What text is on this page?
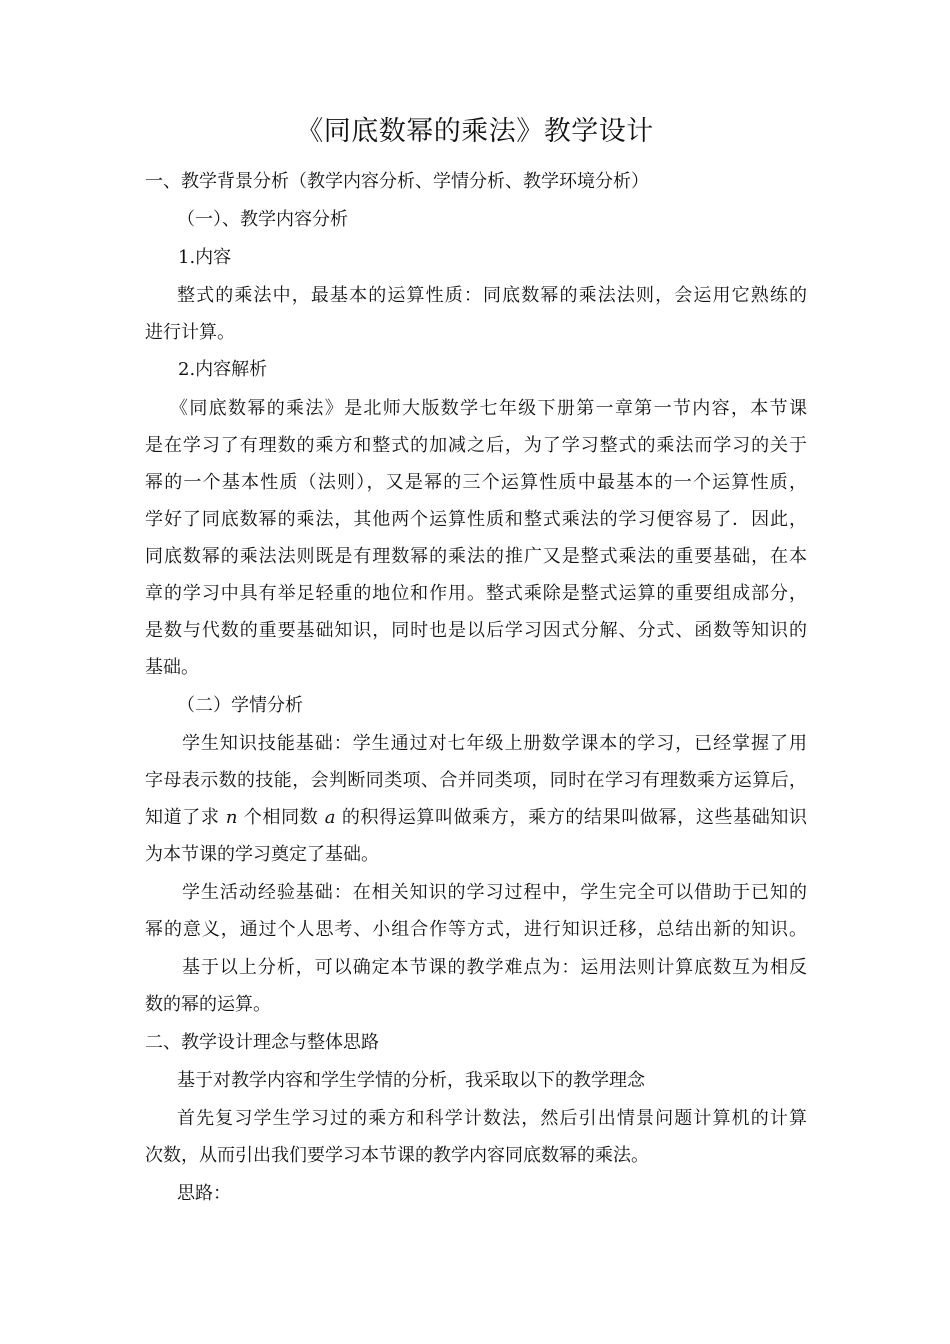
《同底数幂的乘法》教学设计
一、教学背景分析（教学内容分析、学情分析、教学环境分析）
（一）、教学内容分析
1.内容
整式的乘法中，最基本的运算性质：同底数幂的乘法法则，会运用它熟练的
进行计算。
2.内容解析
《同底数幂的乘法》是北师大版数学七年级下册第一章第一节内容，本节课
是在学习了有理数的乘方和整式的加减之后，为了学习整式的乘法而学习的关于
幂的一个基本性质（法则），又是幂的三个运算性质中最基本的一个运算性质，
学好了同底数幂的乘法，其他两个运算性质和整式乘法的学习便容易了．因此，
同底数幂的乘法法则既是有理数幂的乘法的推广又是整式乘法的重要基础，在本
章的学习中具有举足轻重的地位和作用。整式乘除是整式运算的重要组成部分，
是数与代数的重要基础知识，同时也是以后学习因式分解、分式、函数等知识的
基础。
（二）学情分析
学生知识技能基础：学生通过对七年级上册数学课本的学习，已经掌握了用
字母表示数的技能，会判断同类项、合并同类项，同时在学习有理数乘方运算后，
知道了求 n 个相同数 a 的积得运算叫做乘方，乘方的结果叫做幂，这些基础知识
为本节课的学习奠定了基础。
学生活动经验基础：在相关知识的学习过程中，学生完全可以借助于已知的
幂的意义，通过个人思考、小组合作等方式，进行知识迁移，总结出新的知识。
基于以上分析，可以确定本节课的教学难点为：运用法则计算底数互为相反
数的幂的运算。
二、教学设计理念与整体思路
基于对教学内容和学生学情的分析，我采取以下的教学理念
首先复习学生学习过的乘方和科学计数法，然后引出情景问题计算机的计算
次数，从而引出我们要学习本节课的教学内容同底数幂的乘法。
思路：
